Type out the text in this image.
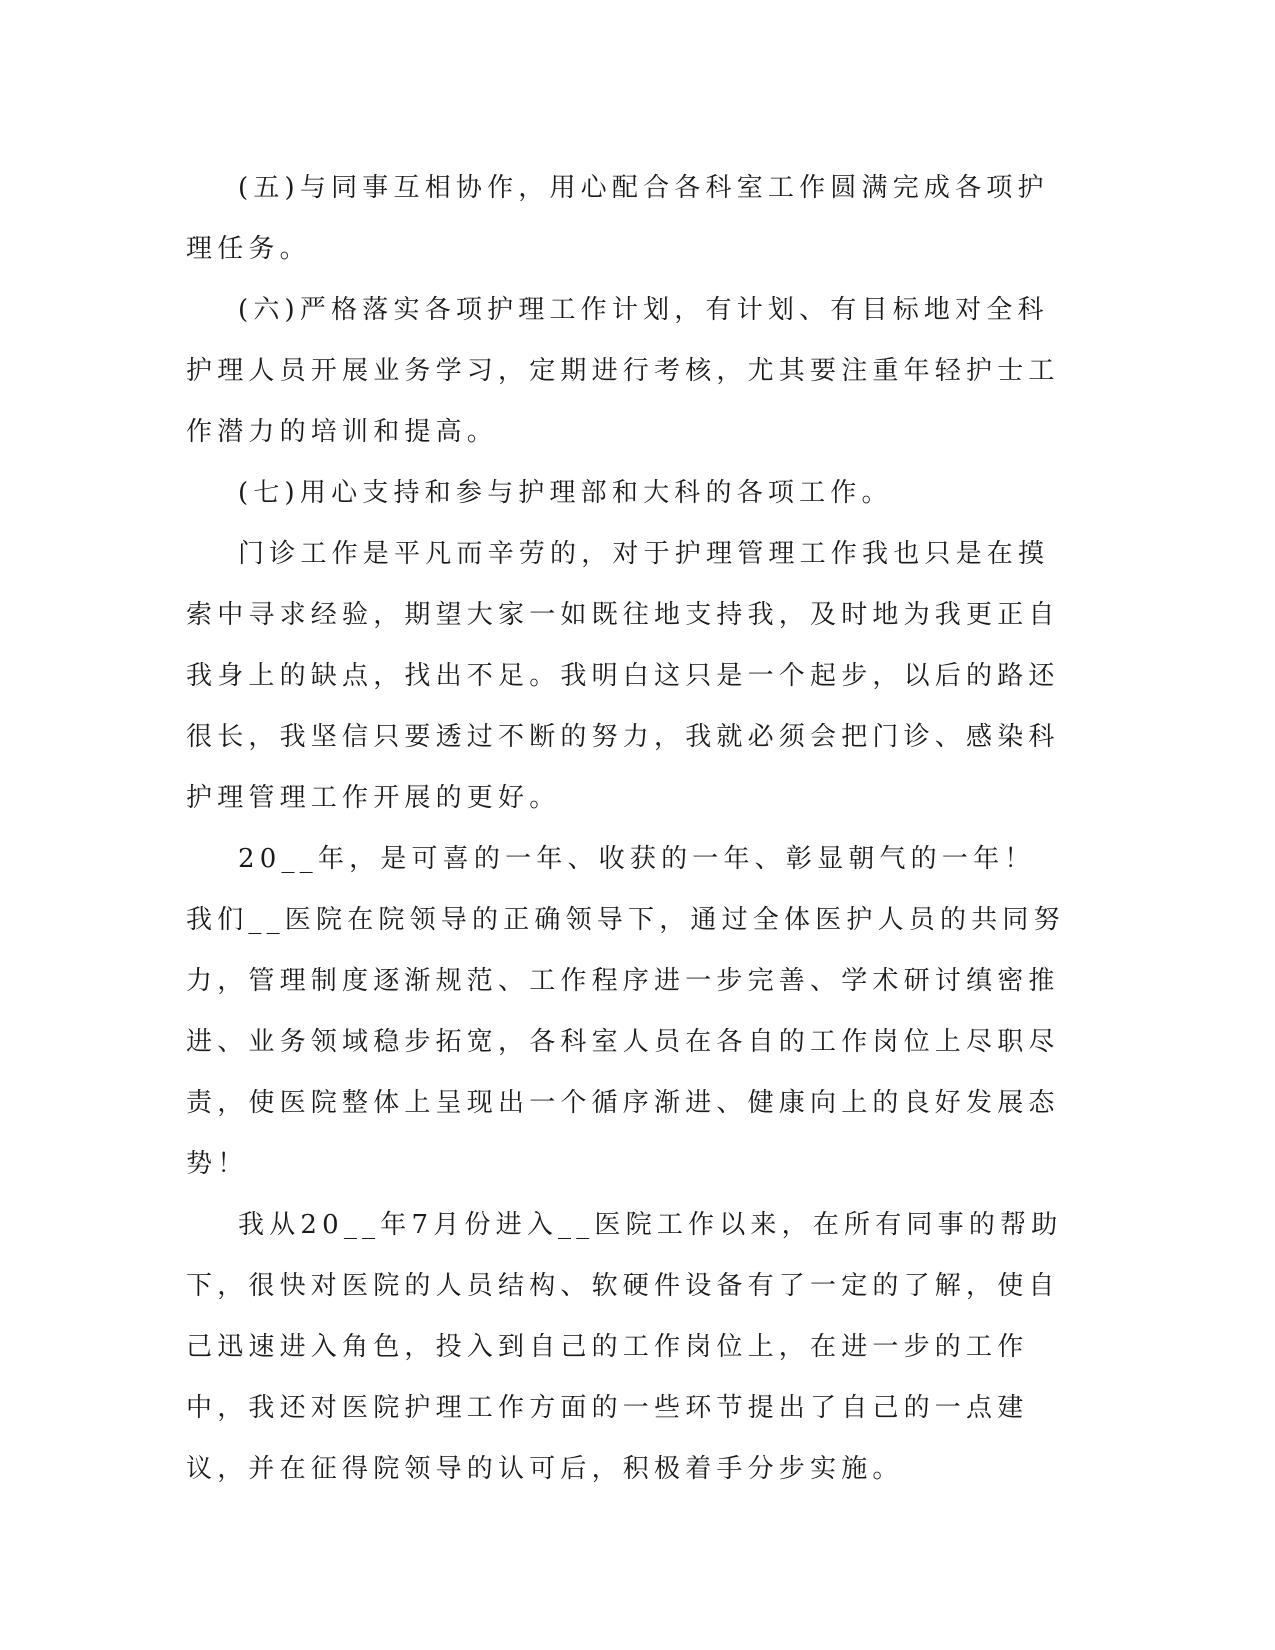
(五)与同事互相协作，用心配合各科室工作圆满完成各项护理任务。

(六)严格落实各项护理工作计划，有计划、有目标地对全科护理人员开展业务学习，定期进行考核，尤其要注重年轻护士工作潜力的培训和提高。

(七)用心支持和参与护理部和大科的各项工作。

门诊工作是平凡而辛劳的，对于护理管理工作我也只是在摸索中寻求经验，期望大家一如既往地支持我，及时地为我更正自我身上的缺点，找出不足。我明白这只是一个起步，以后的路还很长，我坚信只要透过不断的努力，我就必须会把门诊、感染科护理管理工作开展的更好。

20__年，是可喜的一年、收获的一年、彰显朝气的一年！我们__医院在院领导的正确领导下，通过全体医护人员的共同努力，管理制度逐渐规范、工作程序进一步完善、学术研讨缜密推进、业务领域稳步拓宽，各科室人员在各自的工作岗位上尽职尽责，使医院整体上呈现出一个循序渐进、健康向上的良好发展态势！

我从20__年7月份进入__医院工作以来，在所有同事的帮助下，很快对医院的人员结构、软硬件设备有了一定的了解，使自己迅速进入角色，投入到自己的工作岗位上，在进一步的工作中，我还对医院护理工作方面的一些环节提出了自己的一点建议，并在征得院领导的认可后，积极着手分步实施。
